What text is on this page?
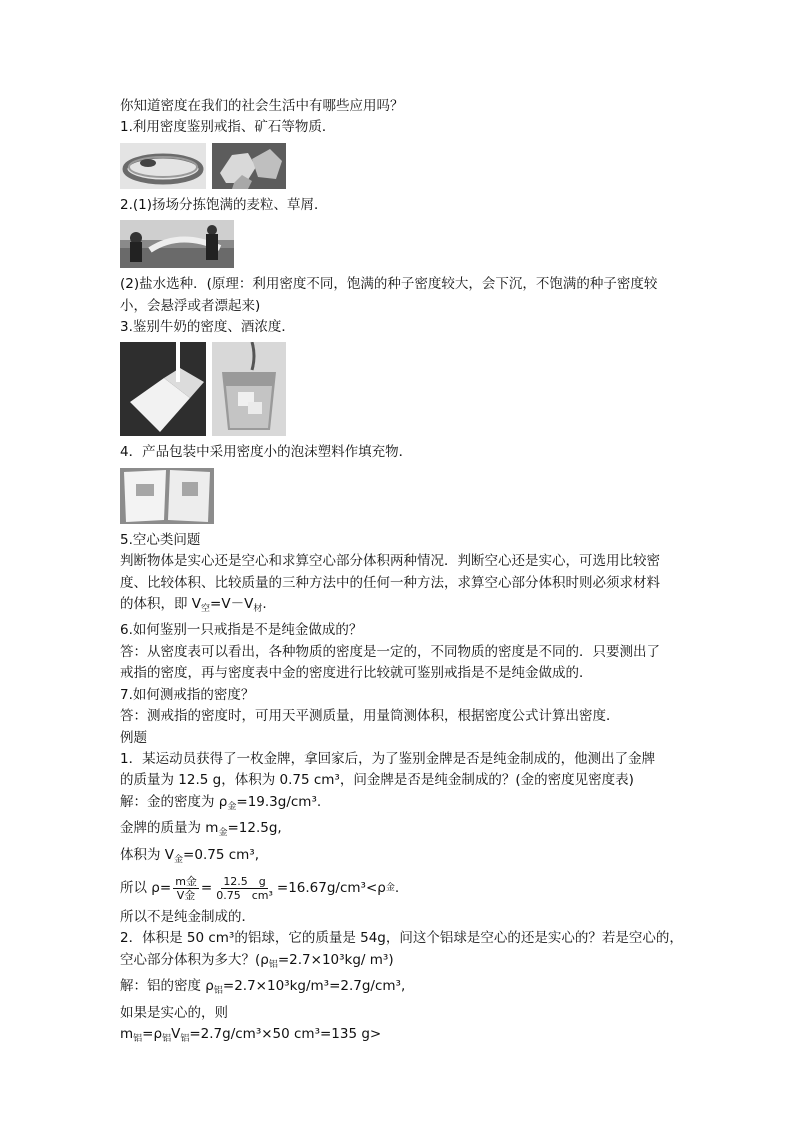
你知道密度在我们的社会生活中有哪些应用吗？
1.利用密度鉴别戒指、矿石等物质．
2.(1)扬场分拣饱满的麦粒、草屑．
(2)盐水选种．(原理：利用密度不同，饱满的种子密度较大，会下沉，不饱满的种子密度较
小，会悬浮或者漂起来)
3.鉴别牛奶的密度、酒浓度．
4．产品包装中采用密度小的泡沫塑料作填充物．
5.空心类问题
判断物体是实心还是空心和求算空心部分体积两种情况．判断空心还是实心，可选用比较密
度、比较体积、比较质量的三种方法中的任何一种方法，求算空心部分体积时则必须求材料
的体积，即 $V_空=V-V_材$.
6.如何鉴别一只戒指是不是纯金做成的？
答：从密度表可以看出，各种物质的密度是一定的，不同物质的密度是不同的．只要测出了
戒指的密度，再与密度表中金的密度进行比较就可鉴别戒指是不是纯金做成的．
7.如何测戒指的密度？
答：测戒指的密度时，可用天平测质量，用量筒测体积，根据密度公式计算出密度．
例题
1．某运动员获得了一枚金牌，拿回家后，为了鉴别金牌是否是纯金制成的，他测出了金牌
的质量为 12.5 g，体积为 0.75 cm³，问金牌是否是纯金制成的？(金的密度见密度表)
解：金的密度为 $\rho_金=19.3g$/cm³.
金牌的质量为 $m_金=12.5g$,
体积为 $V_金=0.75$ cm³,
所以 $\rho= \frac{\text{m金}}{\text{V金}} = \frac{12.5 g}{\text{0.75　cm³}} =16.67g/cm^3<\rho$ 金 .
所以不是纯金制成的．
2．体积是 50 cm³的铝球，它的质量是 54g，问这个铝球是空心的还是实心的？若是空心的，
空心部分体积为多大？($\rho_铝=2.7\times 10^3kg/$ m³)
解：铝的密度 $\rho_铝=2.7\times 10^3kg/m^3=2.7g$/cm³,
如果是实心的，则
$m_铝=\rho_铝V_铝=2.7g/cm^3\times 50$ cm³=135 g>
